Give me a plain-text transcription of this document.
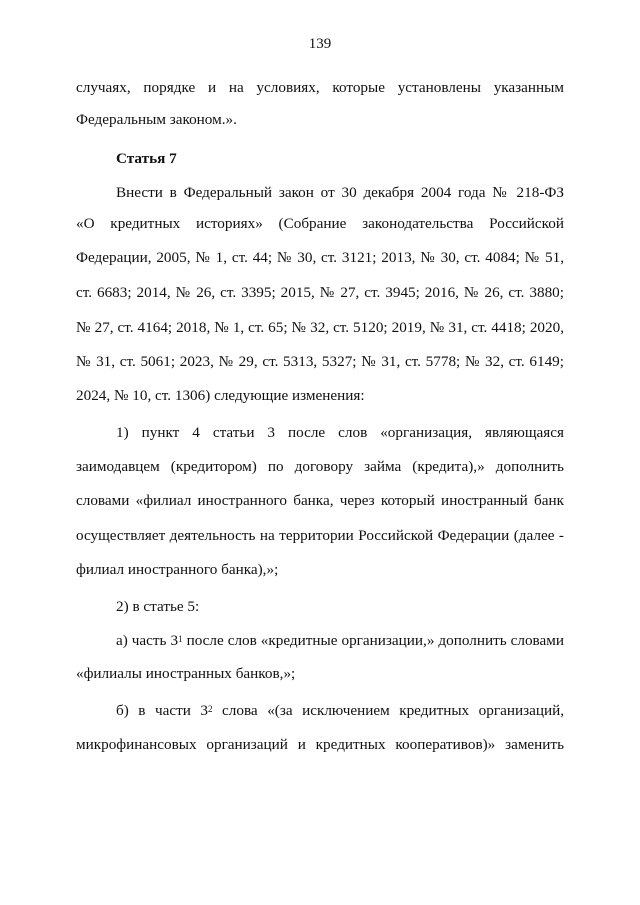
139
случаях, порядке и на условиях, которые установлены указанным
Федеральным законом.».
Статья 7
Внести в Федеральный закон от 30 декабря 2004 года № 218-ФЗ
«О кредитных историях» (Собрание законодательства Российской
Федерации, 2005, № 1, ст. 44; № 30, ст. 3121; 2013, № 30, ст. 4084; № 51,
ст. 6683; 2014, № 26, ст. 3395; 2015, № 27, ст. 3945; 2016, № 26, ст. 3880;
№ 27, ст. 4164; 2018, № 1, ст. 65; № 32, ст. 5120; 2019, № 31, ст. 4418; 2020,
№ 31, ст. 5061; 2023, № 29, ст. 5313, 5327; № 31, ст. 5778; № 32, ст. 6149;
2024, № 10, ст. 1306) следующие изменения:
1) пункт 4 статьи 3 после слов «организация, являющаяся
заимодавцем (кредитором) по договору займа (кредита),» дополнить
словами «филиал иностранного банка, через который иностранный банк
осуществляет деятельность на территории Российской Федерации (далее -
филиал иностранного банка),»;
2) в статье 5:
а) часть $3^1$ после слов «кредитные организации,» дополнить словами
«филиалы иностранных банков,»;
б) в части $3^2$ слова «(за исключением кредитных организаций,
микрофинансовых организаций и кредитных кооперативов)» заменить
